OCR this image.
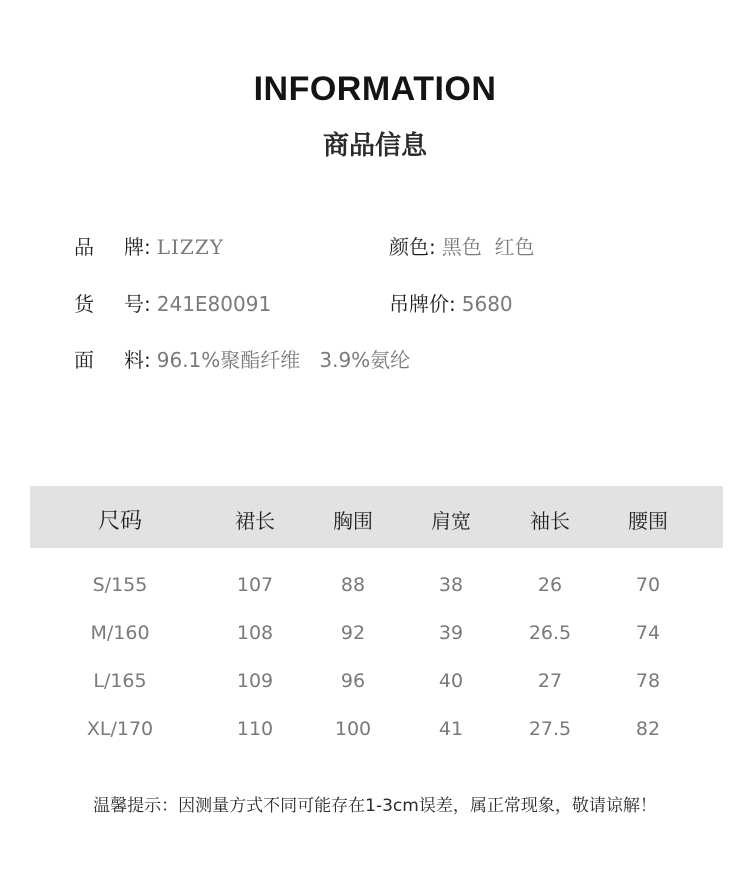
INFORMATION
商品信息
品 牌 : LIZZY	颜色: 黑色  红色
货 号 : 241E80091	吊牌价: 5680
面 料 : 96.1%聚酯纤维   3.9%氨纶
尺码	裙长	胸围	肩宽	袖长	腰围
S/155	107	88	38	26	70
M/160	108	92	39	26.5	74
L/165	109	96	40	27	78
XL/170	110	100	41	27.5	82
温馨提示：因测量方式不同可能存在1-3cm误差，属正常现象，敬请谅解！
